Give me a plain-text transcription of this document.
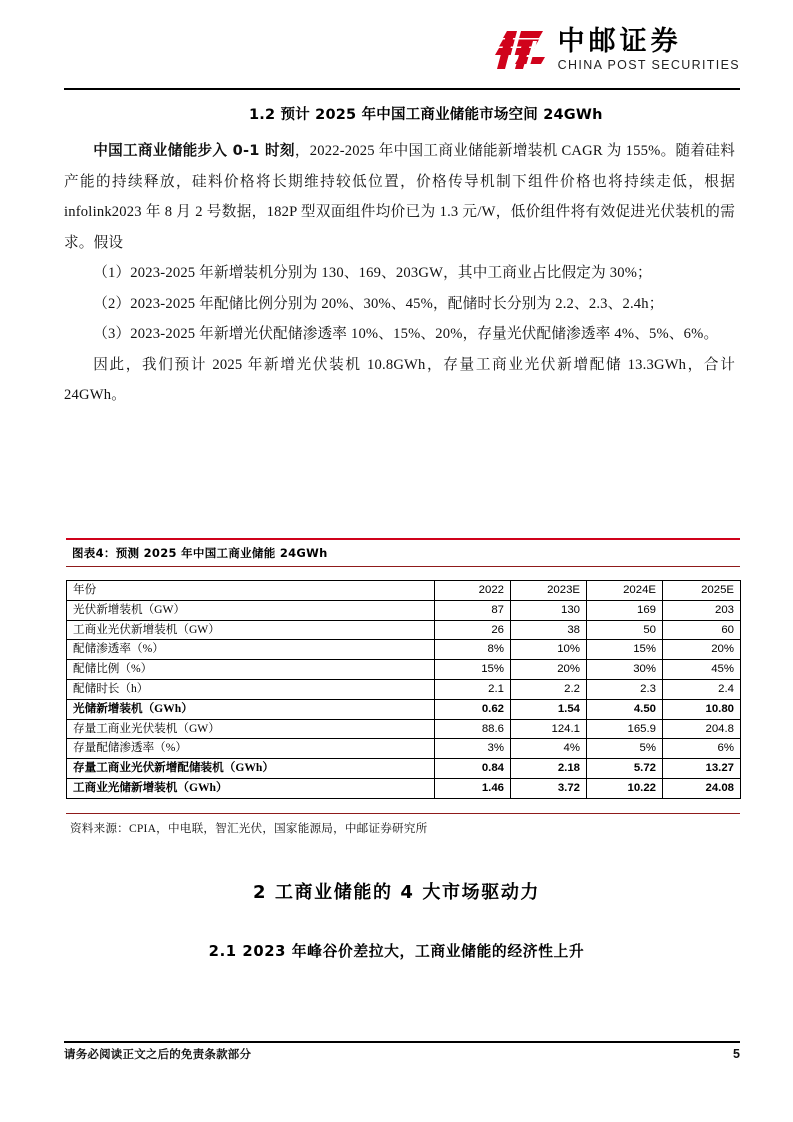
中邮证券
CHINA POST SECURITIES
1.2 预计 2025 年中国工商业储能市场空间 24GWh

中国工商业储能步入 0-1 时刻，2022-2025 年中国工商业储能新增装机 CAGR 为 155%。随着硅料产能的持续释放，硅料价格将长期维持较低位置，价格传导机制下组件价格也将持续走低，根据 infolink2023 年 8 月 2 号数据，182P 型双面组件均价已为 1.3 元/W，低价组件将有效促进光伏装机的需求。假设

（1）2023-2025 年新增装机分别为 130、169、203GW，其中工商业占比假定为 30%；

（2）2023-2025 年配储比例分别为 20%、30%、45%，配储时长分别为 2.2、2.3、2.4h；

（3）2023-2025 年新增光伏配储渗透率 10%、15%、20%，存量光伏配储渗透率 4%、5%、6%。

因此，我们预计 2025 年新增光伏装机 10.8GWh，存量工商业光伏新增配储 13.3GWh，合计 24GWh。

图表4：预测 2025 年中国工商业储能 24GWh
年份	2022	2023E	2024E	2025E
光伏新增装机（GW）	87	130	169	203
工商业光伏新增装机（GW）	26	38	50	60
配储渗透率（%）	8%	10%	15%	20%
配储比例（%）	15%	20%	30%	45%
配储时长（h）	2.1	2.2	2.3	2.4
光储新增装机（GWh）	0.62	1.54	4.50	10.80
存量工商业光伏装机（GW）	88.6	124.1	165.9	204.8
存量配储渗透率（%）	3%	4%	5%	6%
存量工商业光伏新增配储装机（GWh）	0.84	2.18	5.72	13.27
工商业光储新增装机（GWh）	1.46	3.72	10.22	24.08
资料来源：CPIA，中电联，智汇光伏，国家能源局，中邮证券研究所
2 工商业储能的 4 大市场驱动力
2.1 2023 年峰谷价差拉大，工商业储能的经济性上升
请务必阅读正文之后的免责条款部分	5
